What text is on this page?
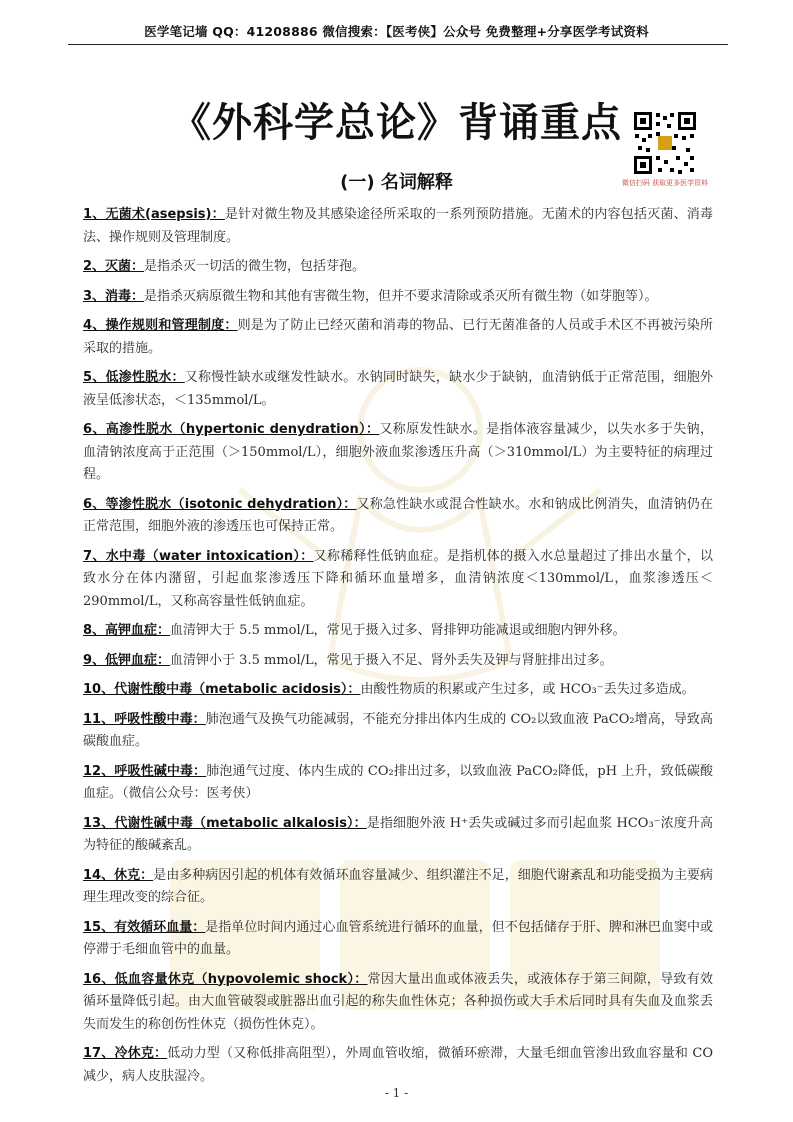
医学笔记墙 QQ：41208886 微信搜索：【医考侠】公众号 免费整理+分享医学考试资料
《外科学总论》背诵重点
微信扫码 获取更多医学资料
(一) 名词解释
1、无菌术(asepsis)：是针对微生物及其感染途径所采取的一系列预防措施。无菌术的内容包括灭菌、消毒法、操作规则及管理制度。
2、灭菌：是指杀灭一切活的微生物，包括芽孢。
3、消毒：是指杀灭病原微生物和其他有害微生物，但并不要求清除或杀灭所有微生物（如芽胞等）。
4、操作规则和管理制度：则是为了防止已经灭菌和消毒的物品、已行无菌准备的人员或手术区不再被污染所采取的措施。
5、低渗性脱水：又称慢性缺水或继发性缺水。水钠同时缺失，缺水少于缺钠，血清钠低于正常范围，细胞外液呈低渗状态，＜135mmol/L。
6、高渗性脱水（hypertonic denydration）：又称原发性缺水。是指体液容量减少，以失水多于失钠，血清钠浓度高于正范围（＞150mmol/L），细胞外液血浆渗透压升高（＞310mmol/L）为主要特征的病理过程。
6、等渗性脱水（isotonic dehydration）：又称急性缺水或混合性缺水。水和钠成比例消失，血清钠仍在正常范围，细胞外液的渗透压也可保持正常。
7、水中毒（water intoxication）：又称稀释性低钠血症。是指机体的摄入水总量超过了排出水量个，以致水分在体内潴留，引起血浆渗透压下降和循环血量增多，血清钠浓度＜130mmol/L，血浆渗透压＜290mmol/L，又称高容量性低钠血症。
8、高钾血症：血清钾大于 5.5 mmol/L，常见于摄入过多、肾排钾功能减退或细胞内钾外移。
9、低钾血症：血清钾小于 3.5 mmol/L，常见于摄入不足、肾外丢失及钾与肾脏排出过多。
10、代谢性酸中毒（metabolic acidosis）：由酸性物质的积累或产生过多，或 HCO₃⁻丢失过多造成。
11、呼吸性酸中毒：肺泡通气及换气功能减弱，不能充分排出体内生成的 CO₂以致血液 PaCO₂增高，导致高碳酸血症。
12、呼吸性碱中毒：肺泡通气过度、体内生成的 CO₂排出过多，以致血液 PaCO₂降低，pH 上升，致低碳酸血症。（微信公众号：医考侠）
13、代谢性碱中毒（metabolic alkalosis）：是指细胞外液 H⁺丢失或碱过多而引起血浆 HCO₃⁻浓度升高为特征的酸碱紊乱。
14、休克：是由多种病因引起的机体有效循环血容量减少、组织灌注不足，细胞代谢紊乱和功能受损为主要病理生理改变的综合征。
15、有效循环血量：是指单位时间内通过心血管系统进行循环的血量，但不包括储存于肝、脾和淋巴血窦中或停滞于毛细血管中的血量。
16、低血容量休克（hypovolemic shock）：常因大量出血或体液丢失，或液体存于第三间隙，导致有效循环量降低引起。由大血管破裂或脏器出血引起的称失血性休克；各种损伤或大手术后同时具有失血及血浆丢失而发生的称创伤性休克（损伤性休克）。
17、冷休克：低动力型（又称低排高阻型），外周血管收缩，微循环瘀滞，大量毛细血管渗出致血容量和 CO 减少，病人皮肤湿冷。
- 1 -
